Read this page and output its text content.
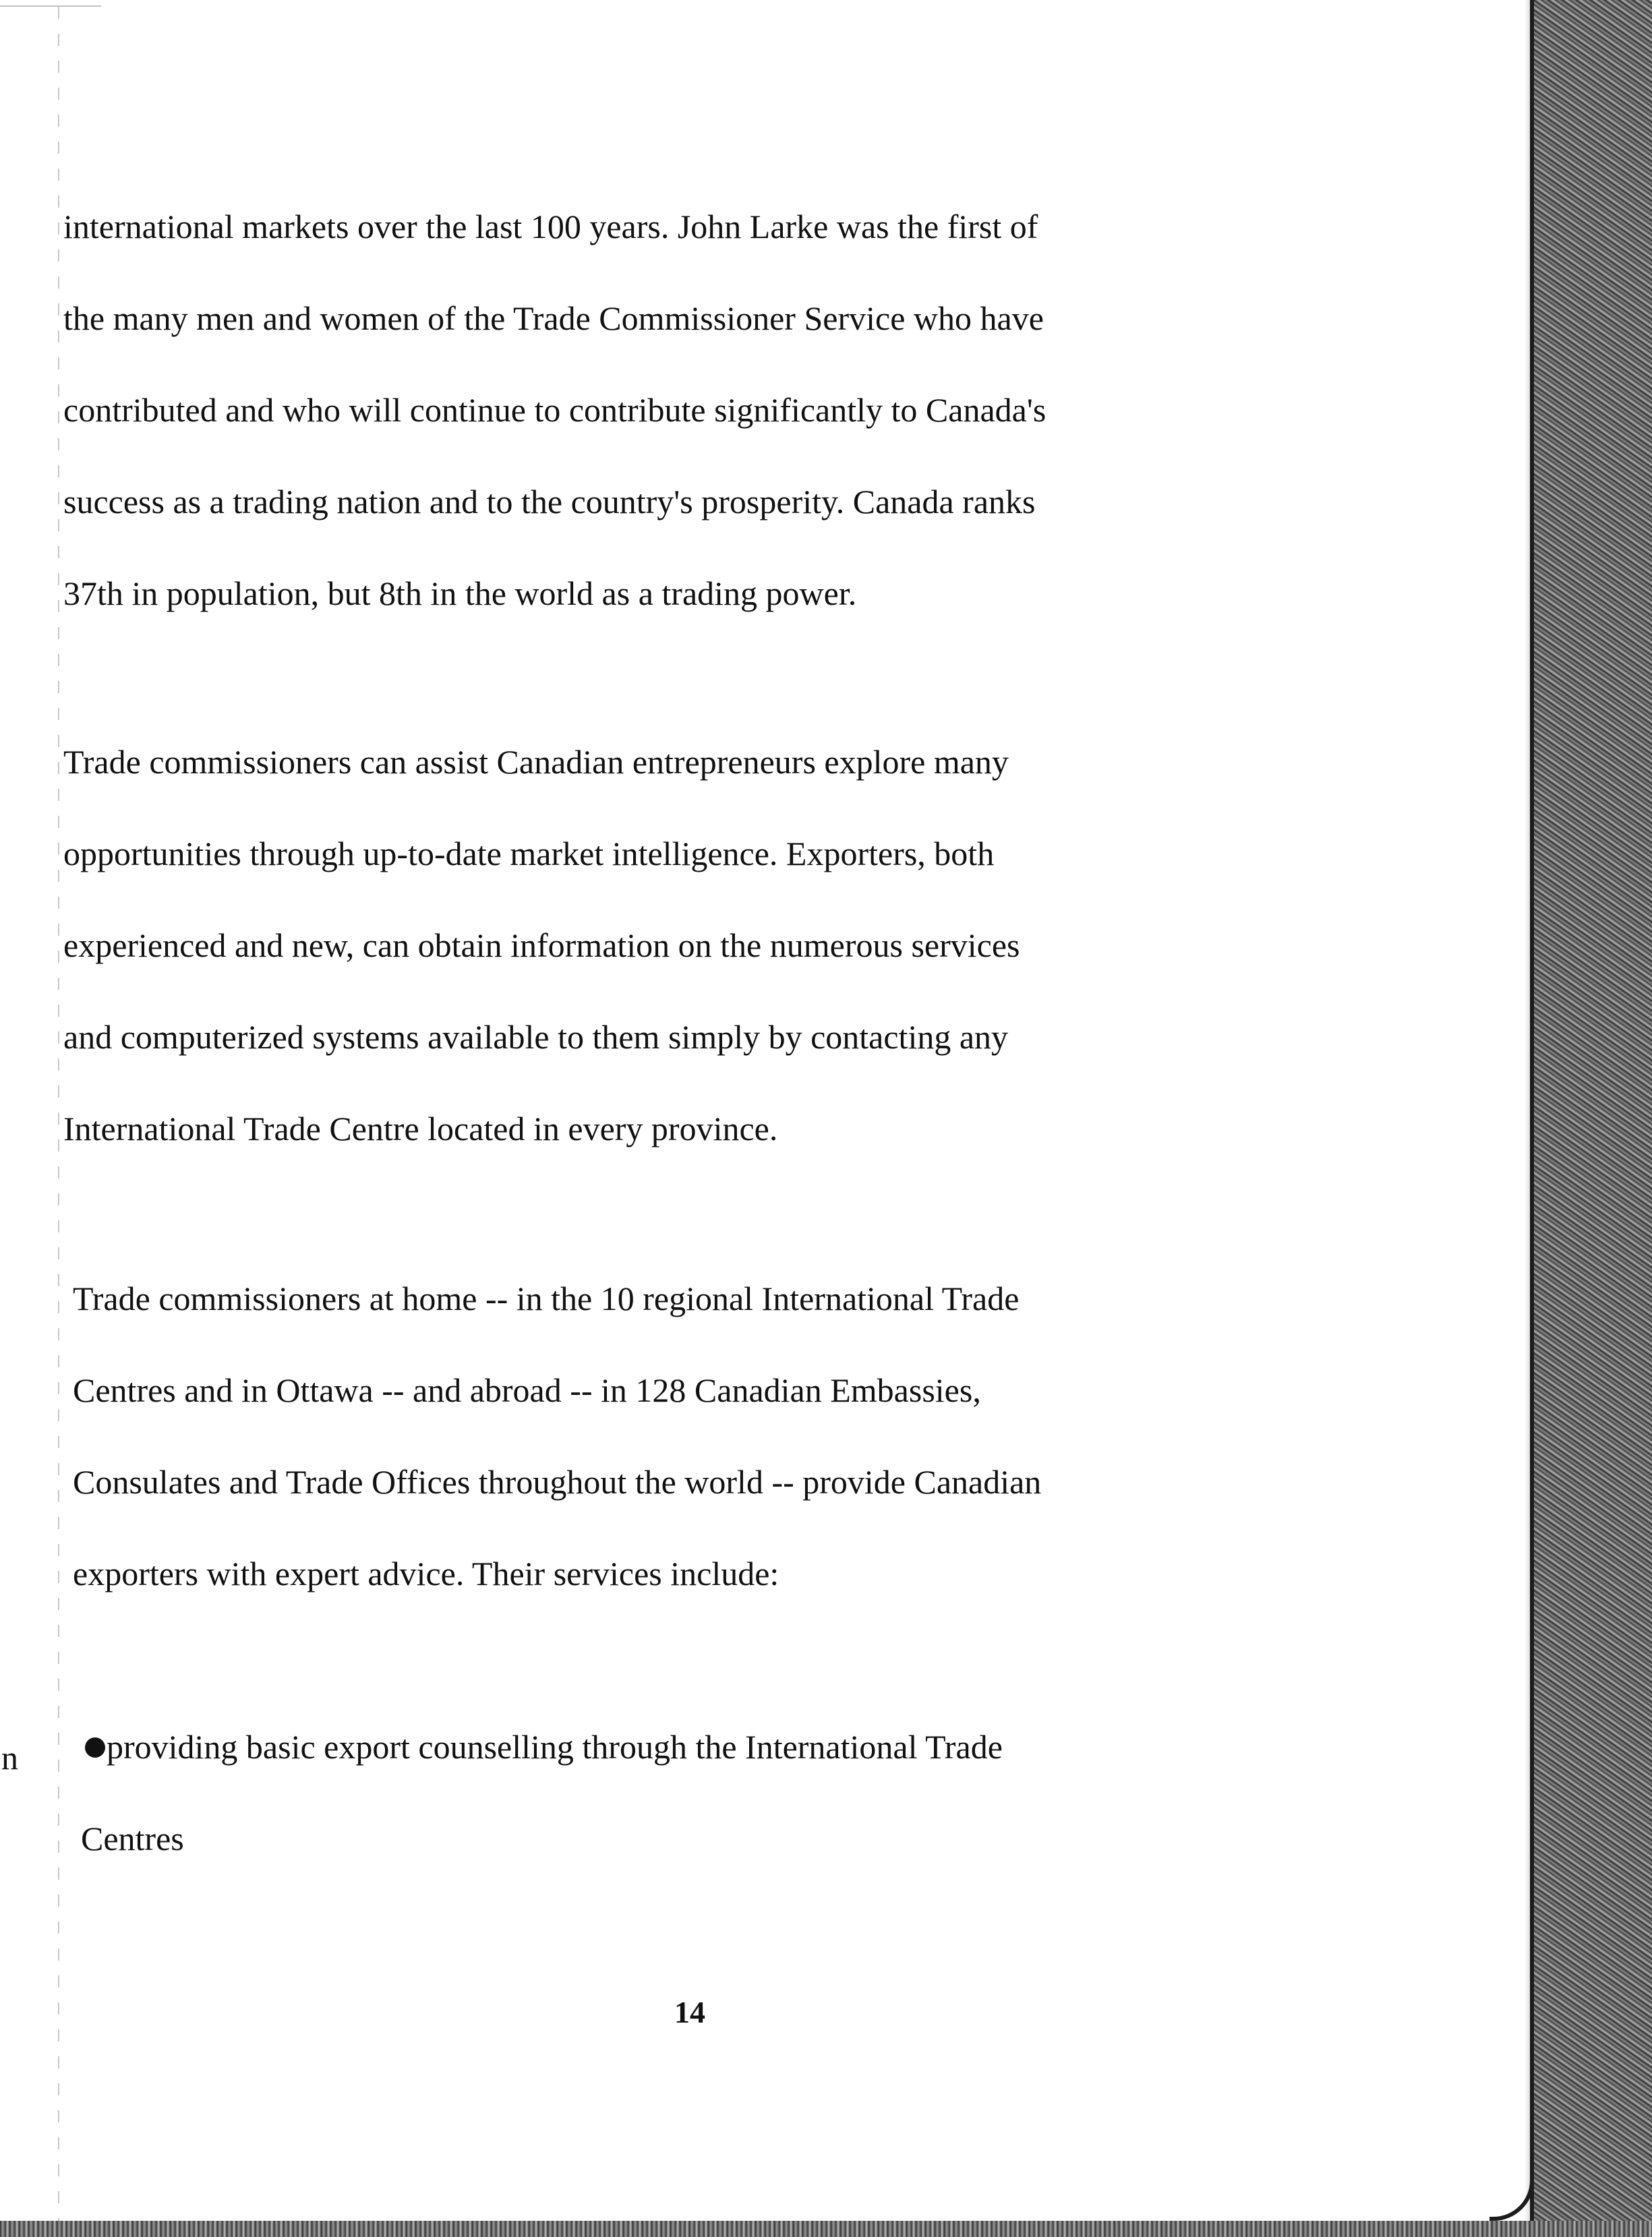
international markets over the last 100 years. John Larke was the first of
the many men and women of the Trade Commissioner Service who have
contributed and who will continue to contribute significantly to Canada's
success as a trading nation and to the country's prosperity. Canada ranks
37th in population, but 8th in the world as a trading power.
Trade commissioners can assist Canadian entrepreneurs explore many
opportunities through up-to-date market intelligence. Exporters, both
experienced and new, can obtain information on the numerous services
and computerized systems available to them simply by contacting any
International Trade Centre located in every province.
Trade commissioners at home -- in the 10 regional International Trade
Centres and in Ottawa -- and abroad -- in 128 Canadian Embassies,
Consulates and Trade Offices throughout the world -- provide Canadian
exporters with expert advice. Their services include:
providing basic export counselling through the International Trade
Centres
n
14
